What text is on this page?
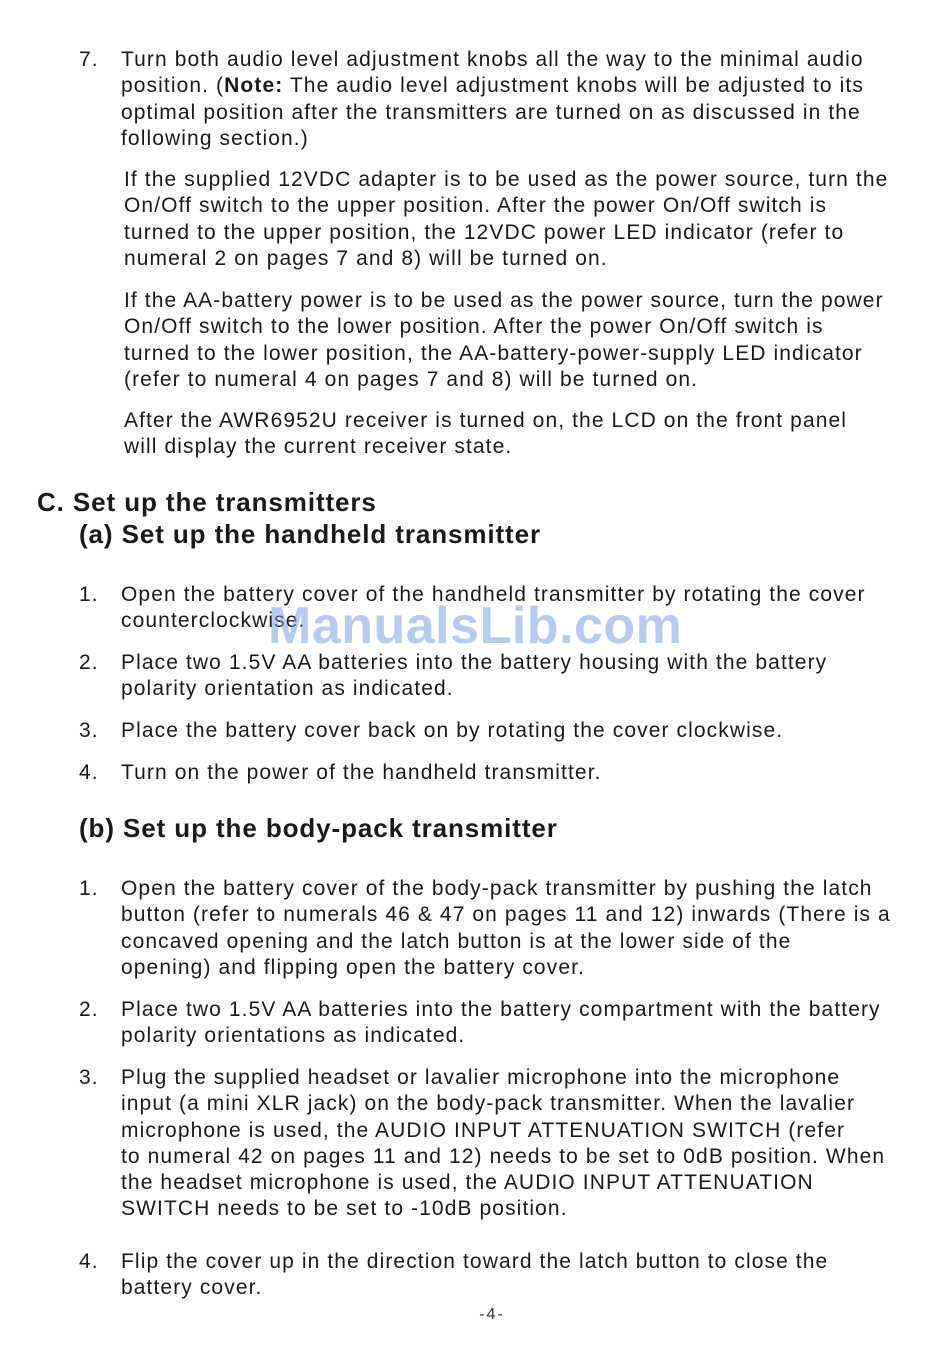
7. Turn both audio level adjustment knobs all the way to the minimal audio
position. (Note: The audio level adjustment knobs will be adjusted to its
optimal position after the transmitters are turned on as discussed in the
following section.)
If the supplied 12VDC adapter is to be used as the power source, turn the
On/Off switch to the upper position. After the power On/Off switch is
turned to the upper position, the 12VDC power LED indicator (refer to
numeral 2 on pages 7 and 8) will be turned on.
If the AA-battery power is to be used as the power source, turn the power
On/Off switch to the lower position. After the power On/Off switch is
turned to the lower position, the AA-battery-power-supply LED indicator
(refer to numeral 4 on pages 7 and 8) will be turned on.
After the AWR6952U receiver is turned on, the LCD on the front panel
will display the current receiver state.
C. Set up the transmitters
(a) Set up the handheld transmitter
1. Open the battery cover of the handheld transmitter by rotating the cover
counterclockwise.
2. Place two 1.5V AA batteries into the battery housing with the battery
polarity orientation as indicated.
3. Place the battery cover back on by rotating the cover clockwise.
4. Turn on the power of the handheld transmitter.
(b) Set up the body-pack transmitter
1. Open the battery cover of the body-pack transmitter by pushing the latch
button (refer to numerals 46 & 47 on pages 11 and 12) inwards (There is a
concaved opening and the latch button is at the lower side of the
opening) and flipping open the battery cover.
2. Place two 1.5V AA batteries into the battery compartment with the battery
polarity orientations as indicated.
3. Plug the supplied headset or lavalier microphone into the microphone
input (a mini XLR jack) on the body-pack transmitter. When the lavalier
microphone is used, the AUDIO INPUT ATTENUATION SWITCH (refer
to numeral 42 on pages 11 and 12) needs to be set to 0dB position. When
the headset microphone is used, the AUDIO INPUT ATTENUATION
SWITCH needs to be set to -10dB position.
4. Flip the cover up in the direction toward the latch button to close the
battery cover.
ManualsLib.com
-4-
